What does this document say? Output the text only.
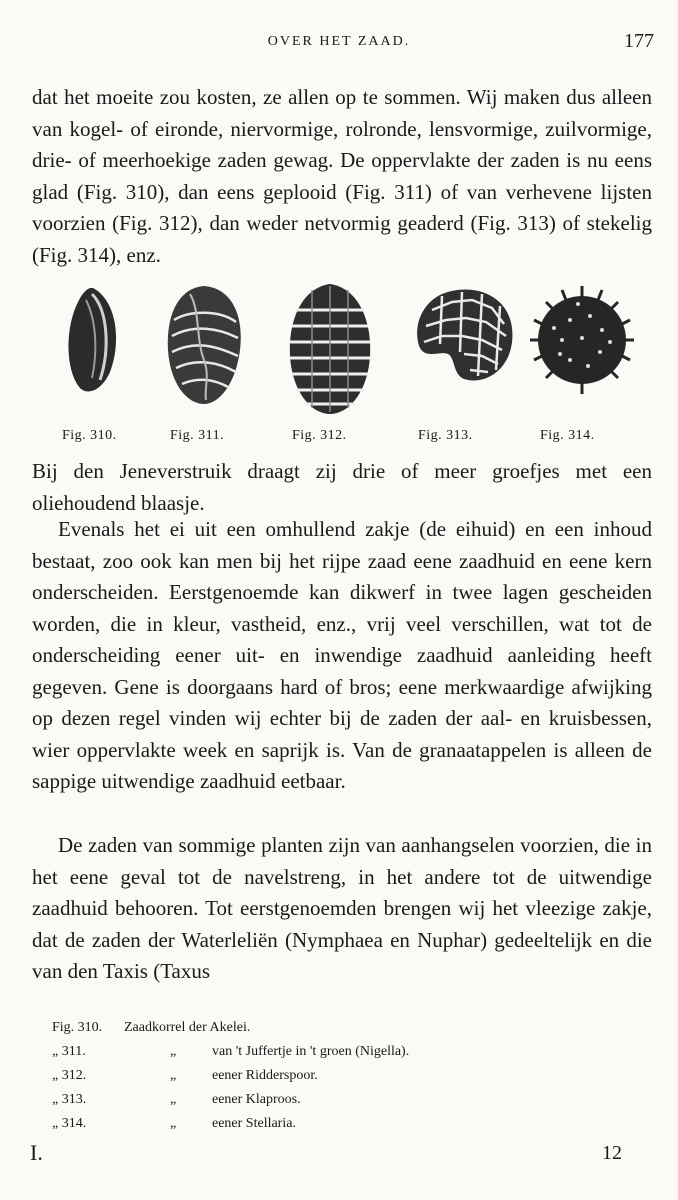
OVER HET ZAAD.	177

dat het moeite zou kosten, ze allen op te sommen. Wij maken dus alleen van kogel- of eironde, niervormige, rolronde, lensvormige, zuilvormige, drie- of meerhoekige zaden gewag. De oppervlakte der zaden is nu eens glad (Fig. 310), dan eens geplooid (Fig. 311) of van verhevene lijsten voorzien (Fig. 312), dan weder netvormig geaderd (Fig. 313) of stekelig (Fig. 314), enz.

Fig. 310.	Fig. 311.	Fig. 312.	Fig. 313.	Fig. 314.

Bij den Jeneverstruik draagt zij drie of meer groefjes met een oliehoudend blaasje.

Evenals het ei uit een omhullend zakje (de eihuid) en een inhoud bestaat, zoo ook kan men bij het rijpe zaad eene zaadhuid en eene kern onderscheiden. Eerstgenoemde kan dikwerf in twee lagen gescheiden worden, die in kleur, vastheid, enz., vrij veel verschillen, wat tot de onderscheiding eener uit- en inwendige zaadhuid aanleiding heeft gegeven. Gene is doorgaans hard of bros; eene merkwaardige afwijking op dezen regel vinden wij echter bij de zaden der aal- en kruisbessen, wier oppervlakte week en saprijk is. Van de granaatappelen is alleen de sappige uitwendige zaadhuid eetbaar.

De zaden van sommige planten zijn van aanhangselen voorzien, die in het eene geval tot de navelstreng, in het andere tot de uitwendige zaadhuid behooren. Tot eerstgenoemden brengen wij het vleezige zakje, dat de zaden der Waterleliën (Nymphaea en Nuphar) gedeeltelijk en die van den Taxis (Taxus

Fig. 310. Zaadkorrel der Akelei.
„ 311.	„	van 't Juffertje in 't groen (Nigella).
„ 312.	„	eener Ridderspoor.
„ 313.	„	eener Klaproos.
„ 314.	„	eener Stellaria.
I.	12
